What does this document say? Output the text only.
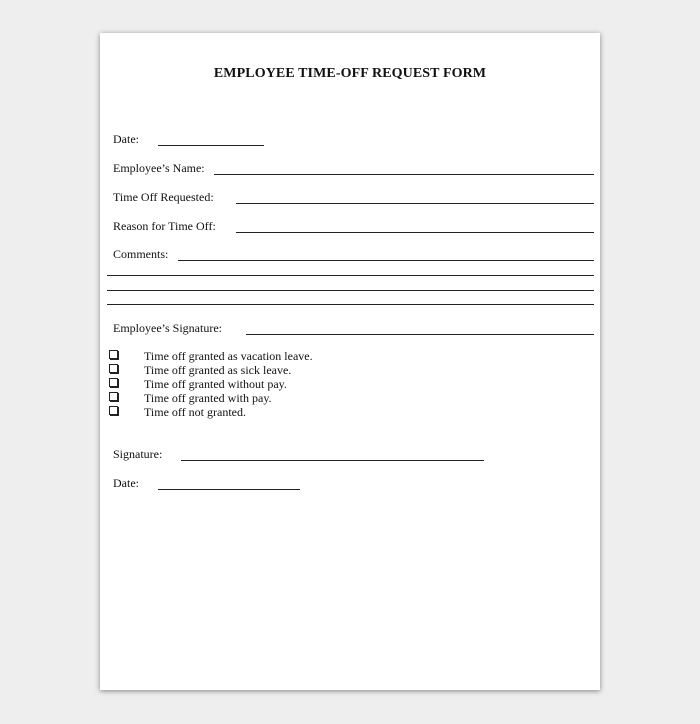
EMPLOYEE TIME-OFF REQUEST FORM
Date:
Employee’s Name:
Time Off Requested:
Reason for Time Off:
Comments:
Employee’s Signature:
Time off granted as vacation leave.
Time off granted as sick leave.
Time off granted without pay.
Time off granted with pay.
Time off not granted.
Signature:
Date:
